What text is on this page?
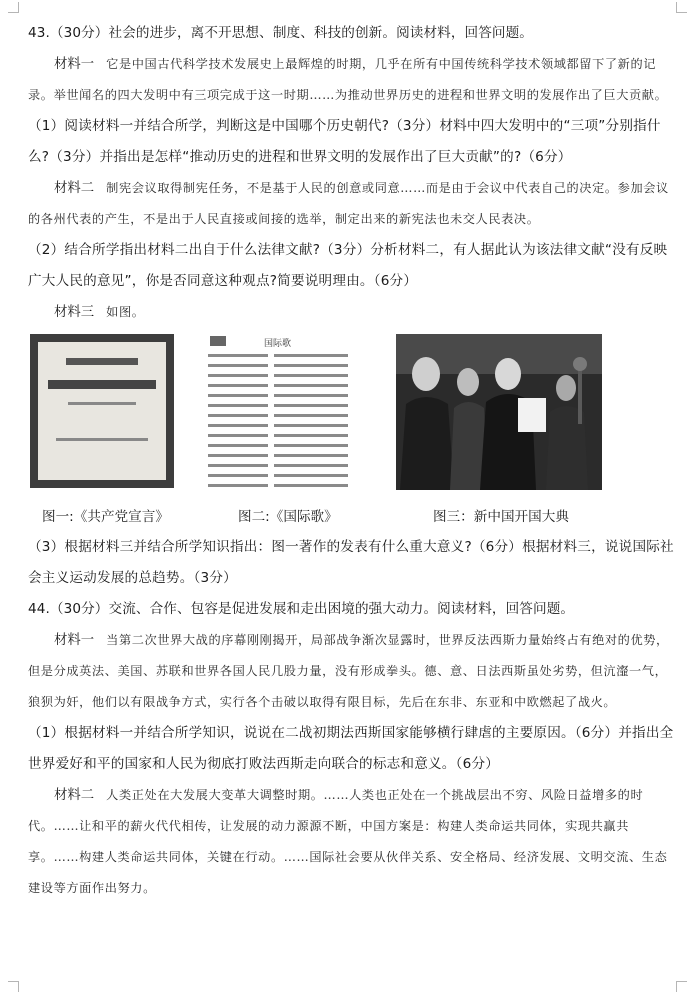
43.（30分）社会的进步，离不开思想、制度、科技的创新。阅读材料，回答问题。

材料一 它是中国古代科学技术发展史上最辉煌的时期，几乎在所有中国传统科学技术领域都留下了新的记录。举世闻名的四大发明中有三项完成于这一时期……为推动世界历史的进程和世界文明的发展作出了巨大贡献。

（1）阅读材料一并结合所学，判断这是中国哪个历史朝代?（3分）材料中四大发明中的“三项”分别指什么?（3分）并指出是怎样“推动历史的进程和世界文明的发展作出了巨大贡献”的?（6分）

材料二 制宪会议取得制宪任务，不是基于人民的创意或同意……而是由于会议中代表自己的决定。参加会议的各州代表的产生，不是出于人民直接或间接的选举，制定出来的新宪法也未交人民表决。

（2）结合所学指出材料二出自于什么法律文献?（3分）分析材料二，有人据此认为该法律文献“没有反映广大人民的意见”，你是否同意这种观点?简要说明理由。（6分）

材料三 如图。

国际歌
图一:《共产党宣言》	图二:《国际歌》	图三：新中国开国大典

（3）根据材料三并结合所学知识指出：图一著作的发表有什么重大意义?（6分）根据材料三，说说国际社会主义运动发展的总趋势。（3分）

44.（30分）交流、合作、包容是促进发展和走出困境的强大动力。阅读材料，回答问题。

材料一 当第二次世界大战的序幕刚刚揭开，局部战争渐次显露时，世界反法西斯力量始终占有绝对的优势，但是分成英法、美国、苏联和世界各国人民几股力量，没有形成拳头。德、意、日法西斯虽处劣势，但沆瀣一气，狼狈为奸，他们以有限战争方式，实行各个击破以取得有限目标，先后在东非、东亚和中欧燃起了战火。

（1）根据材料一并结合所学知识，说说在二战初期法西斯国家能够横行肆虐的主要原因。（6分）并指出全世界爱好和平的国家和人民为彻底打败法西斯走向联合的标志和意义。（6分）

材料二 人类正处在大发展大变革大调整时期。……人类也正处在一个挑战层出不穷、风险日益增多的时代。……让和平的薪火代代相传，让发展的动力源源不断，中国方案是：构建人类命运共同体，实现共赢共享。……构建人类命运共同体，关键在行动。……国际社会要从伙伴关系、安全格局、经济发展、文明交流、生态建设等方面作出努力。
